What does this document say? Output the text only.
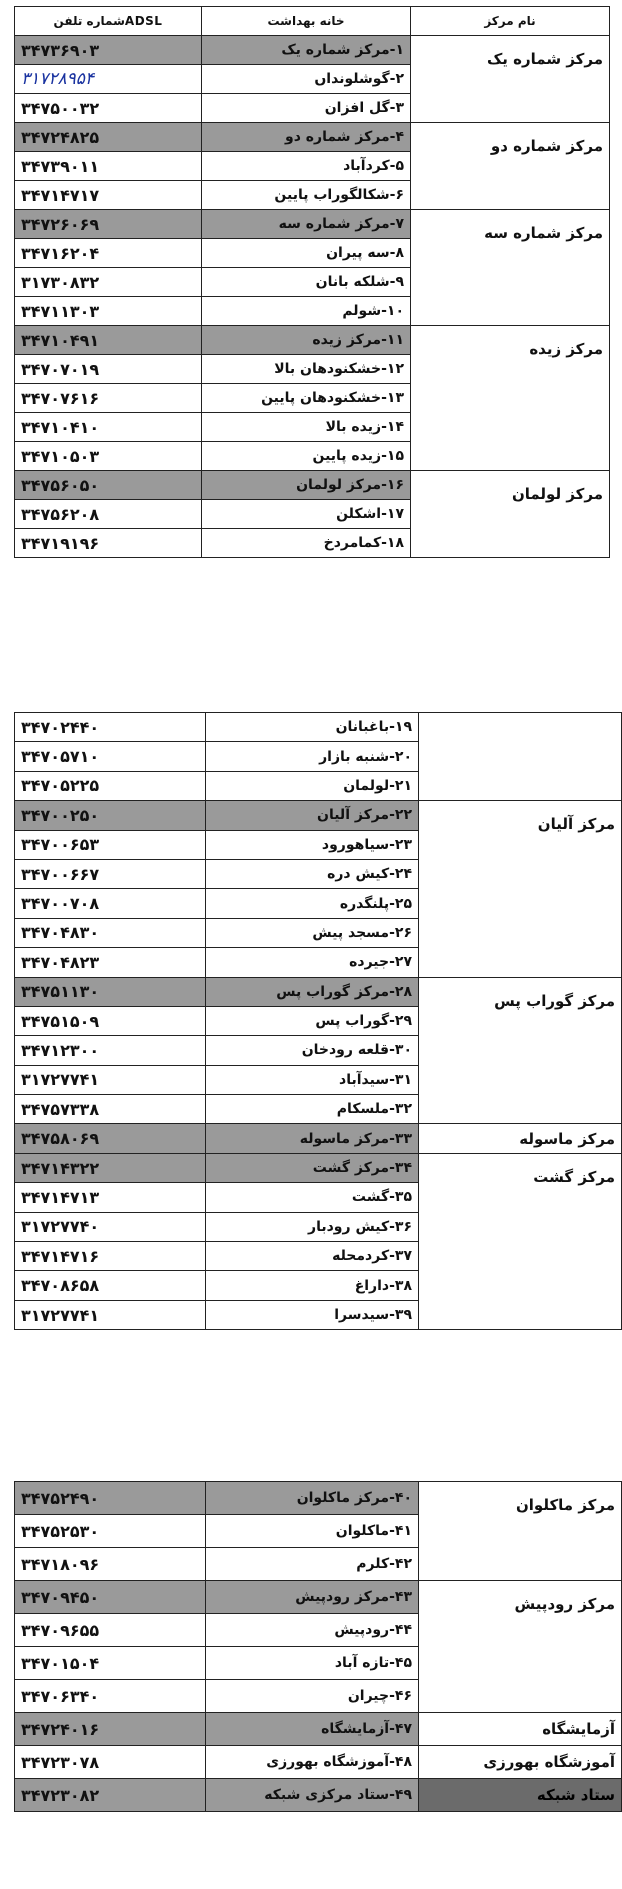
نام مرکز	خانه بهداشت	شماره تلفنADSL
مرکز شماره یک	۱-مرکز شماره یک	۳۴۷۳۶۹۰۳
	۲-گوشلونداں	۳۱۷۲۸۹۵۴
	۳-گل افزان	۳۴۷۵۰۰۳۲
مرکز شماره دو	۴-مرکز شماره دو	۳۴۷۲۴۸۲۵
	۵-کردآباد	۳۴۷۳۹۰۱۱
	۶-شکالگوراب پایین	۳۴۷۱۴۷۱۷
مرکز شماره سه	۷-مرکز شماره سه	۳۴۷۲۶۰۶۹
	۸-سه پیران	۳۴۷۱۶۲۰۴
	۹-شلکه بانان	۳۱۷۳۰۸۳۲
	۱۰-شولم	۳۴۷۱۱۳۰۳
مرکز زیده	۱۱-مرکز زیده	۳۴۷۱۰۴۹۱
	۱۲-خشکنودهان بالا	۳۴۷۰۷۰۱۹
	۱۳-خشکنودهان پایین	۳۴۷۰۷۶۱۶
	۱۴-زیده بالا	۳۴۷۱۰۴۱۰
	۱۵-زیده پایین	۳۴۷۱۰۵۰۳
مرکز لولمان	۱۶-مرکز لولمان	۳۴۷۵۶۰۵۰
	۱۷-اشکلن	۳۴۷۵۶۲۰۸
	۱۸-کمامردخ	۳۴۷۱۹۱۹۶
	۱۹-باغبانان	۳۴۷۰۲۴۴۰
	۲۰-شنبه بازار	۳۴۷۰۵۷۱۰
	۲۱-لولمان	۳۴۷۰۵۲۲۵
مرکز آلیان	۲۲-مرکز آلیان	۳۴۷۰۰۲۵۰
	۲۳-سیاهورود	۳۴۷۰۰۶۵۳
	۲۴-کیش دره	۳۴۷۰۰۶۶۷
	۲۵-پلنگدره	۳۴۷۰۰۷۰۸
	۲۶-مسجد پیش	۳۴۷۰۴۸۳۰
	۲۷-جیرده	۳۴۷۰۴۸۲۳
مرکز گوراب پس	۲۸-مرکز گوراب پس	۳۴۷۵۱۱۳۰
	۲۹-گوراب پس	۳۴۷۵۱۵۰۹
	۳۰-قلعه رودخان	۳۴۷۱۲۳۰۰
	۳۱-سیدآباد	۳۱۷۲۷۷۴۱
	۳۲-ملسکام	۳۴۷۵۷۳۳۸
مرکز ماسوله	۳۳-مرکز ماسوله	۳۴۷۵۸۰۶۹
مرکز گشت	۳۴-مرکز گشت	۳۴۷۱۴۳۲۲
	۳۵-گشت	۳۴۷۱۴۷۱۳
	۳۶-کیش رودبار	۳۱۷۲۷۷۴۰
	۳۷-کردمحله	۳۴۷۱۴۷۱۶
	۳۸-داراغ	۳۴۷۰۸۶۵۸
	۳۹-سیدسرا	۳۱۷۲۷۷۴۱
مرکز ماکلوان	۴۰-مرکز ماکلوان	۳۴۷۵۲۴۹۰
	۴۱-ماکلوان	۳۴۷۵۲۵۳۰
	۴۲-کلرم	۳۴۷۱۸۰۹۶
مرکز رودپیش	۴۳-مرکز رودپیش	۳۴۷۰۹۴۵۰
	۴۴-رودپیش	۳۴۷۰۹۶۵۵
	۴۵-تازه آباد	۳۴۷۰۱۵۰۴
	۴۶-چیران	۳۴۷۰۶۳۴۰
آزمایشگاه	۴۷-آزمایشگاه	۳۴۷۲۴۰۱۶
آموزشگاه بهورزی	۴۸-آموزشگاه بهورزی	۳۴۷۲۳۰۷۸
ستاد شبکه	۴۹-ستاد مرکزی شبکه	۳۴۷۲۳۰۸۲
